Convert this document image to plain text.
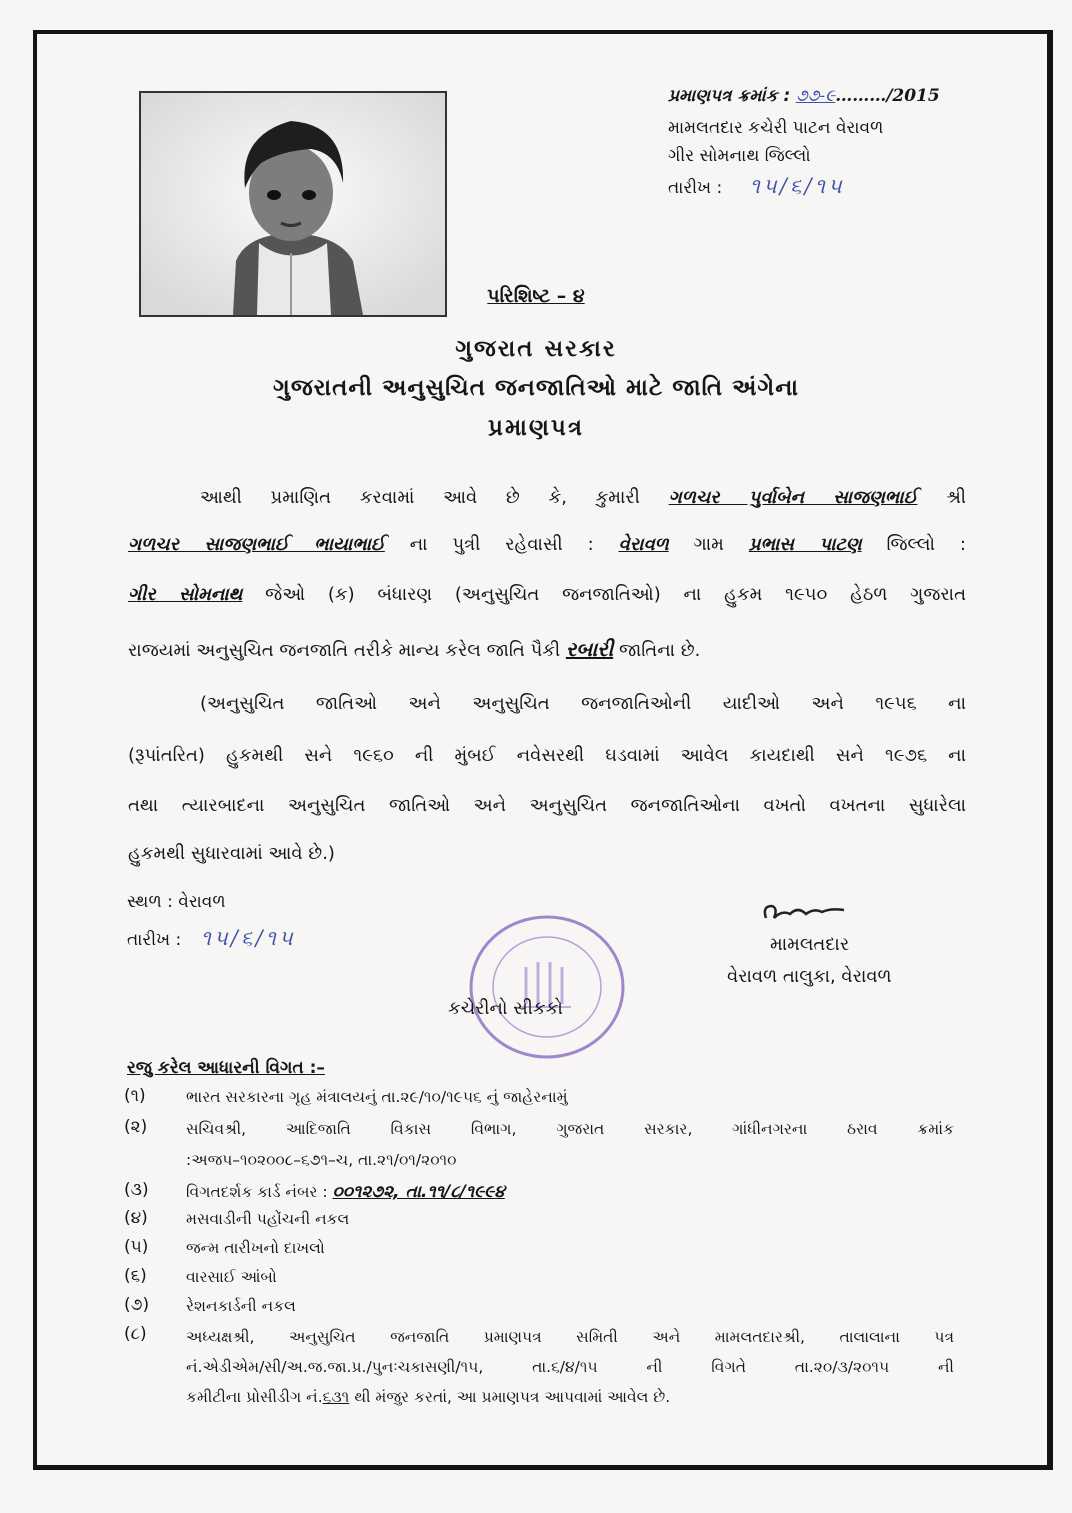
પ્રમાણપત્ર ક્રમાંક : ૭૭-૯………/2015
મામલતદાર કચેરી પાટન વેરાવળ
ગીર સોમનાથ જિલ્લો
તારીખ : ૧૫/૬/૧૫
પરિશિષ્ટ – ૪
ગુજરાત સરકાર
ગુજરાતની અનુસુચિત જનજાતિઓ માટે જાતિ અંગેના
પ્રમાણપત્ર
આથી પ્રમાણિત કરવામાં આવે છે કે, કુમારી ગળચર પુર્વાબેન સાજણભાઈ શ્રી
ગળચર સાજણભાઈ ભાયાભાઈ ના પુત્રી રહેવાસી : વેરાવળ ગામ પ્રભાસ પાટણ જિલ્લો :
ગીર સોમનાથ જેઓ (ક) બંધારણ (અનુસુચિત જનજાતિઓ) ના હુકમ ૧૯૫૦ હેઠળ ગુજરાત
રાજયમાં અનુસુચિત જનજાતિ તરીકે માન્ય કરેલ જાતિ પૈકી રબારી જાતિના છે.
(અનુસુચિત જાતિઓ અને અનુસુચિત જનજાતિઓની યાદીઓ અને ૧૯૫૬ ના
(રૂપાંતરિત) હુકમથી સને ૧૯૬૦ ની મુંબઈ નવેસરથી ઘડવામાં આવેલ કાયદાથી સને ૧૯૭૬ ના
તથા ત્યારબાદના અનુસુચિત જાતિઓ અને અનુસુચિત જનજાતિઓના વખતો વખતના સુધારેલા
હુકમથી સુધારવામાં આવે છે.)
સ્થળ : વેરાવળ
તારીખ : ૧૫/૬/૧૫
કચેરીનો સીકકો
મામલતદાર
વેરાવળ તાલુકા, વેરાવળ
રજુ કરેલ આધારની વિગત :–
(૧)	ભારત સરકારના ગૃહ મંત્રાલયનું તા.૨૯/૧૦/૧૯૫૬ નું જાહેરનામું
(૨)	સચિવશ્રી, આદિજાતિ વિકાસ વિભાગ, ગુજરાત સરકાર, ગાંધીનગરના ઠરાવ ક્રમાંક
:અજપ–૧૦૨૦૦૮–૬૭૧–ચ, તા.૨૧/૦૧/૨૦૧૦
(૩) વિગતદર્શક કાર્ડ નંબર : ૦૦૧૨૭૨, તા.૧૧/૮/૧૯૯૪
(૪) મસવાડીની પહોંચની નકલ
(૫) જન્મ તારીખનો દાખલો
(૬)	વારસાઈ આંબો
(૭) રેશનકાર્ડની નકલ
(૮)	અધ્યક્ષશ્રી, અનુસુચિત જનજાતિ પ્રમાણપત્ર સમિતી અને મામલતદારશ્રી, તાલાલાના પત્ર
નં.એડીએમ/સી/અ.જ.જા.પ્ર./પુનઃચકાસણી/૧૫, તા.૬/૪/૧૫ ની વિગતે તા.૨૦/૩/૨૦૧૫ ની
કમીટીના પ્રોસીડીગ નં.૬૩૧ થી મંજુર કરતાં, આ પ્રમાણપત્ર આપવામાં આવેલ છે.
